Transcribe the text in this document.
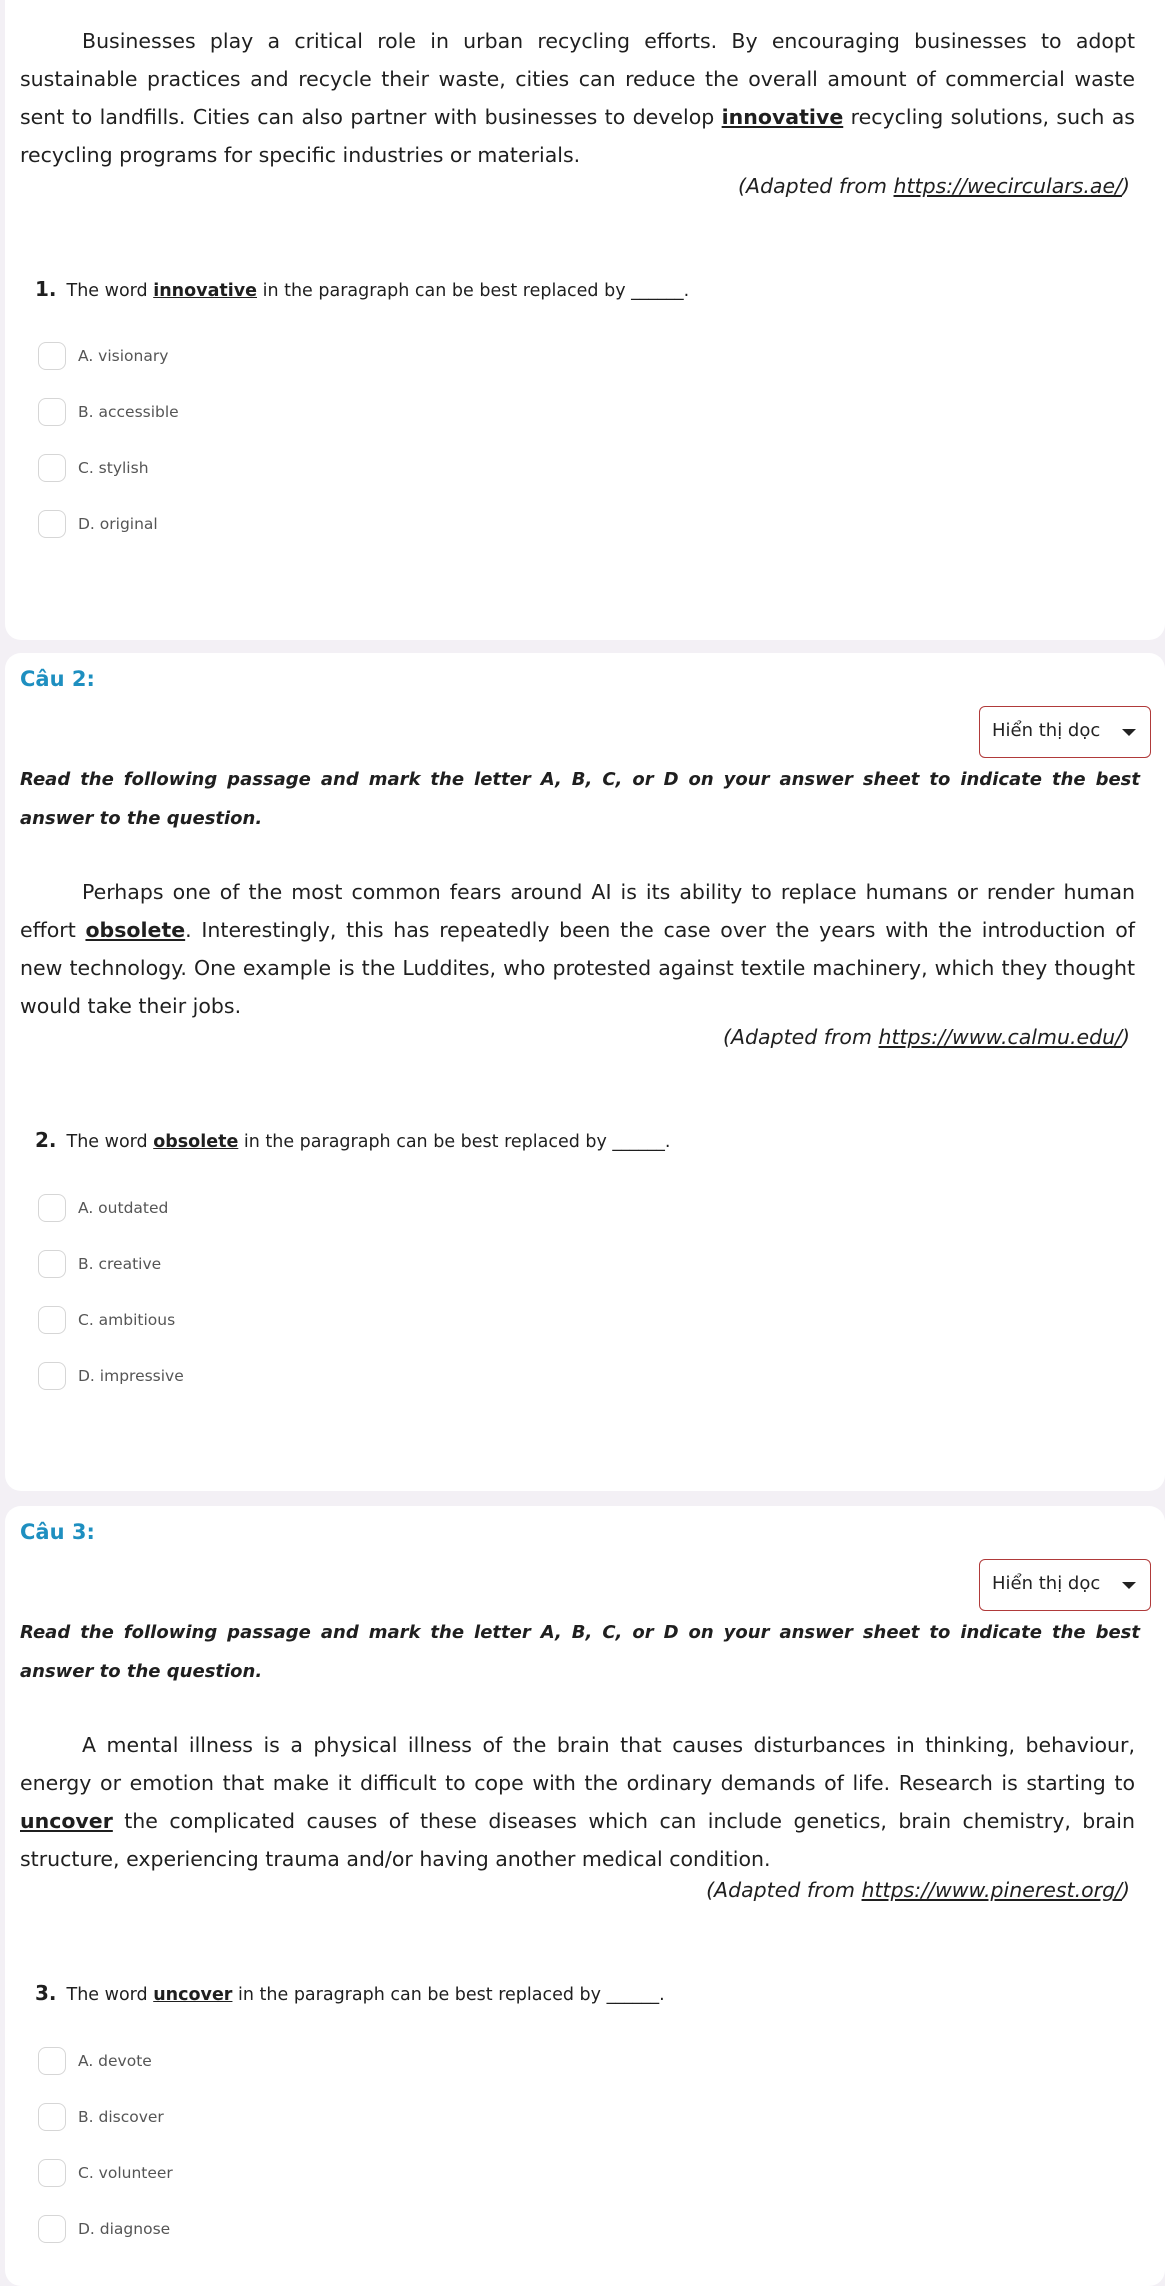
Businesses play a critical role in urban recycling efforts. By encouraging businesses to adopt sustainable practices and recycle their waste, cities can reduce the overall amount of commercial waste sent to landfills. Cities can also partner with businesses to develop innovative recycling solutions, such as recycling programs for specific industries or materials.
(Adapted from https://wecirculars.ae/)
1. The word innovative in the paragraph can be best replaced by ______.
A. visionary
B. accessible
C. stylish
D. original
Câu 2:
Hiển thị dọc
Read the following passage and mark the letter A, B, C, or D on your answer sheet to indicate the best answer to the question.
Perhaps one of the most common fears around AI is its ability to replace humans or render human effort obsolete. Interestingly, this has repeatedly been the case over the years with the introduction of new technology. One example is the Luddites, who protested against textile machinery, which they thought would take their jobs.
(Adapted from https://www.calmu.edu/)
2. The word obsolete in the paragraph can be best replaced by ______.
A. outdated
B. creative
C. ambitious
D. impressive
Câu 3:
Hiển thị dọc
Read the following passage and mark the letter A, B, C, or D on your answer sheet to indicate the best answer to the question.
A mental illness is a physical illness of the brain that causes disturbances in thinking, behaviour, energy or emotion that make it difficult to cope with the ordinary demands of life. Research is starting to uncover the complicated causes of these diseases which can include genetics, brain chemistry, brain structure, experiencing trauma and/or having another medical condition.
(Adapted from https://www.pinerest.org/)
3. The word uncover in the paragraph can be best replaced by ______.
A. devote
B. discover
C. volunteer
D. diagnose
